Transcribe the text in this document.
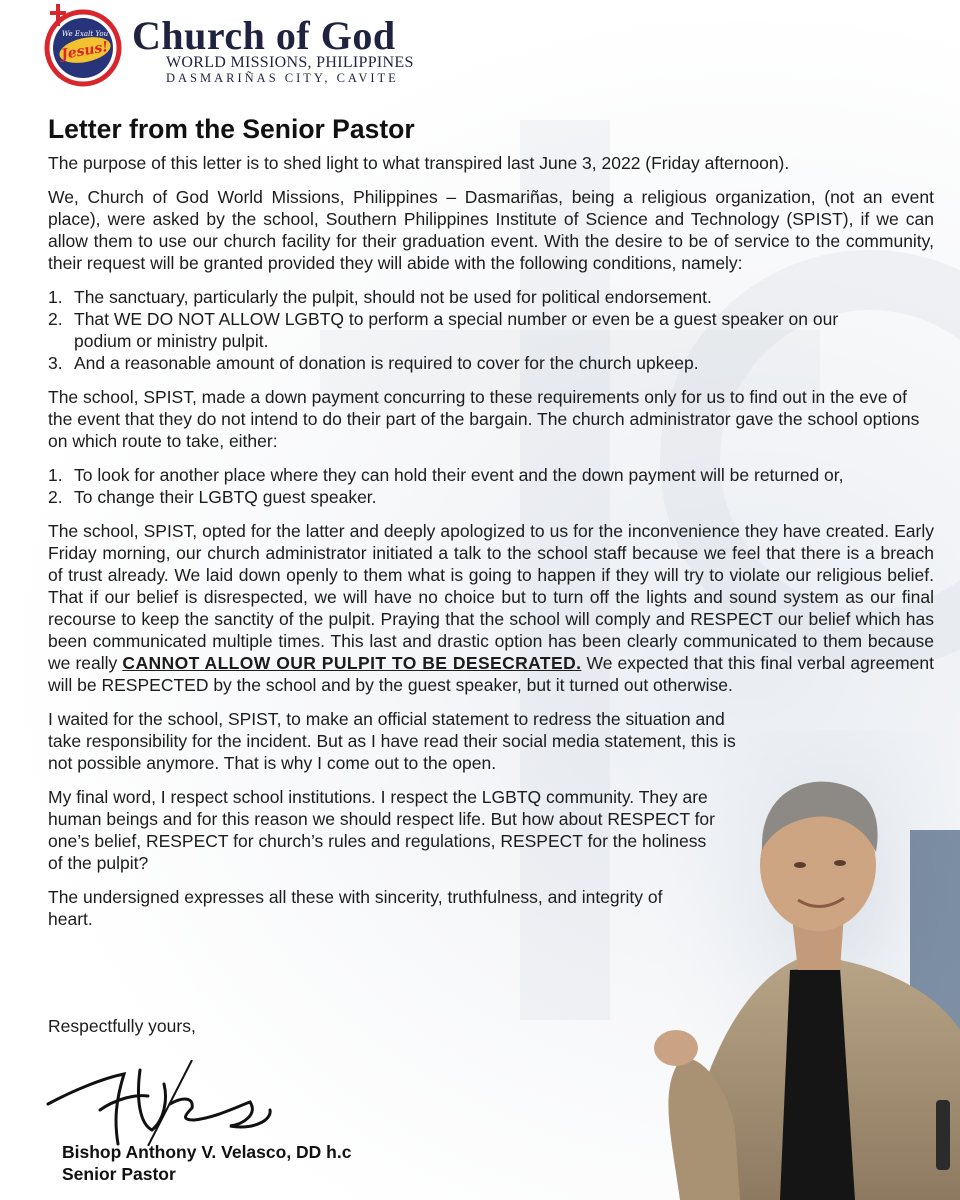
We Exalt You
Jesus! Church of God
WORLD MISSIONS, PHILIPPINES
DASMARIÑAS CITY, CAVITE
Letter from the Senior Pastor

The purpose of this letter is to shed light to what transpired last June 3, 2022 (Friday afternoon).

We, Church of God World Missions, Philippines – Dasmariñas, being a religious organization, (not an event place), were asked by the school, Southern Philippines Institute of Science and Technology (SPIST), if we can allow them to use our church facility for their graduation event. With the desire to be of service to the community, their request will be granted provided they will abide with the following conditions, namely:

1. The sanctuary, particularly the pulpit, should not be used for political endorsement.
2. That WE DO NOT ALLOW LGBTQ to perform a special number or even be a guest speaker on our podium or ministry pulpit.
3. And a reasonable amount of donation is required to cover for the church upkeep.

The school, SPIST, made a down payment concurring to these requirements only for us to find out in the eve of the event that they do not intend to do their part of the bargain. The church administrator gave the school options on which route to take, either:

1. To look for another place where they can hold their event and the down payment will be returned or,
2. To change their LGBTQ guest speaker.

The school, SPIST, opted for the latter and deeply apologized to us for the inconvenience they have created. Early Friday morning, our church administrator initiated a talk to the school staff because we feel that there is a breach of trust already. We laid down openly to them what is going to happen if they will try to violate our religious belief. That if our belief is disrespected, we will have no choice but to turn off the lights and sound system as our final recourse to keep the sanctity of the pulpit. Praying that the school will comply and RESPECT our belief which has been communicated multiple times. This last and drastic option has been clearly communicated to them because we really CANNOT ALLOW OUR PULPIT TO BE DESECRATED. We expected that this final verbal agreement will be RESPECTED by the school and by the guest speaker, but it turned out otherwise.

I waited for the school, SPIST, to make an official statement to redress the situation and take responsibility for the incident. But as I have read their social media statement, this is not possible anymore. That is why I come out to the open.

My final word, I respect school institutions. I respect the LGBTQ community. They are human beings and for this reason we should respect life. But how about RESPECT for one’s belief, RESPECT for church’s rules and regulations, RESPECT for the holiness of the pulpit?

The undersigned expresses all these with sincerity, truthfulness, and integrity of heart.

Respectfully yours,
Bishop Anthony V. Velasco, DD h.c
Senior Pastor
